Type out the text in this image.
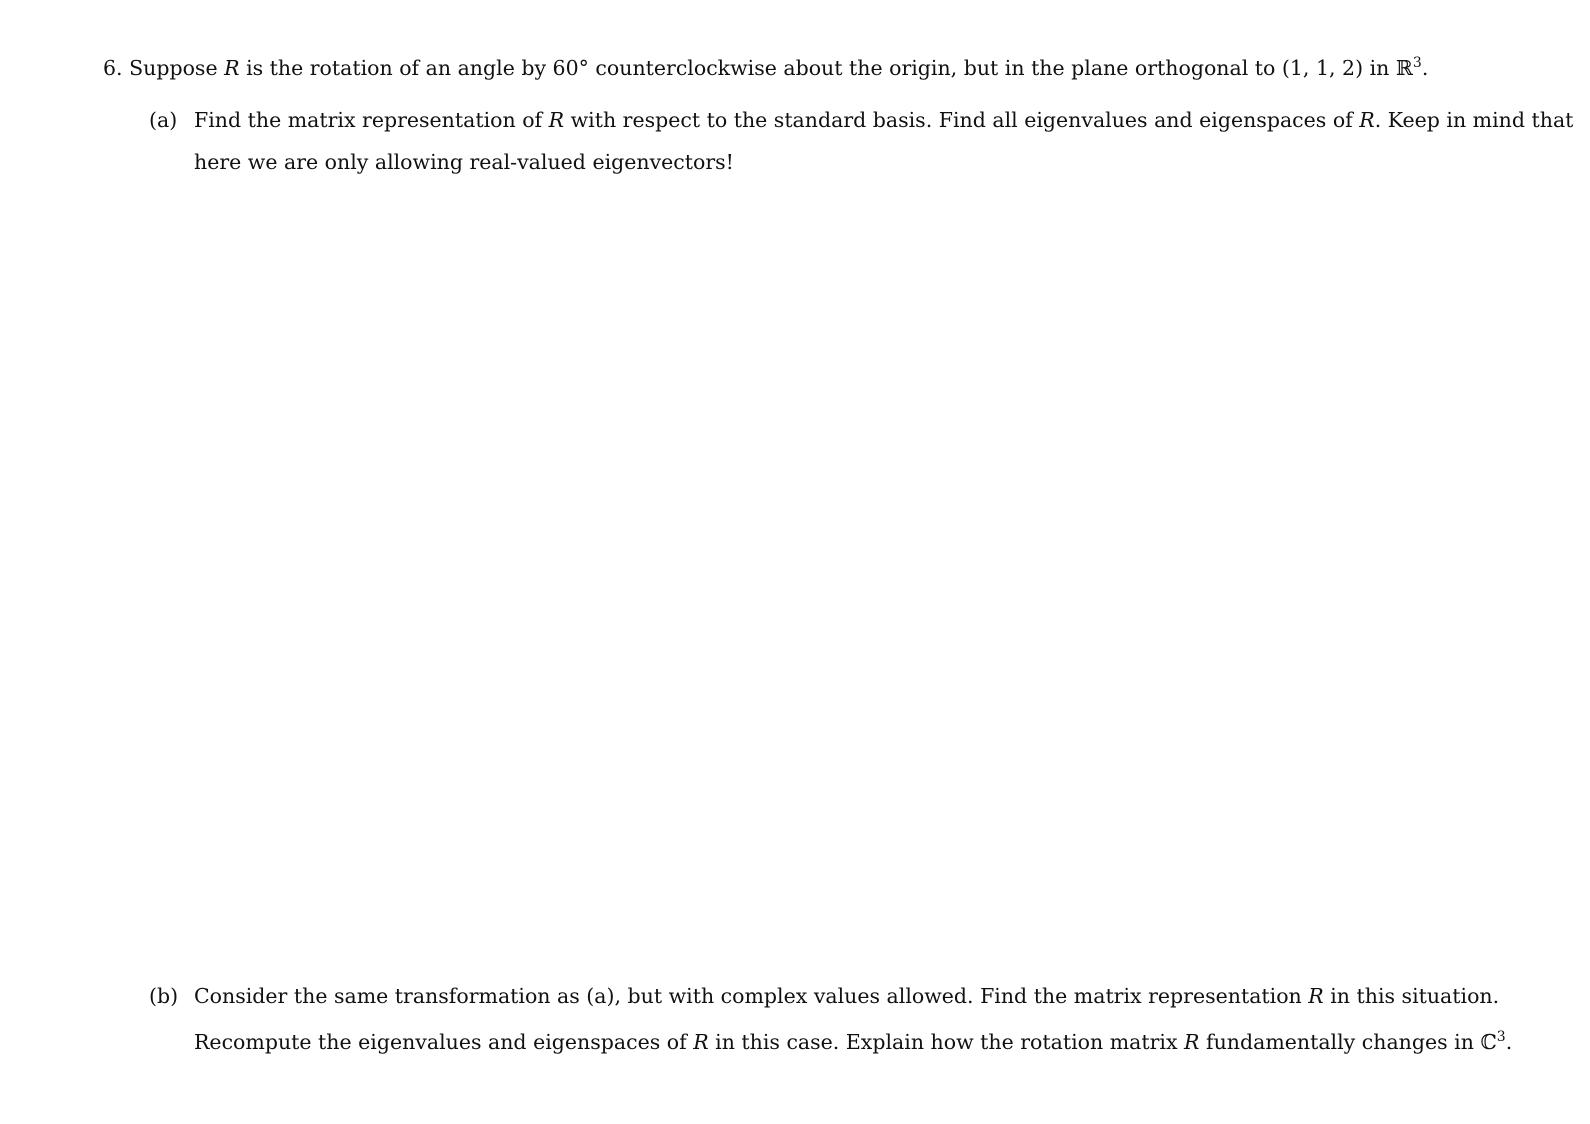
6. Suppose R is the rotation of an angle by 60° counterclockwise about the origin, but in the plane orthogonal to (1, 1, 2) in ℝ$^3$.
(a) Find the matrix representation of R with respect to the standard basis. Find all eigenvalues and eigenspaces of R. Keep in mind that
here we are only allowing real-valued eigenvectors!
(b) Consider the same transformation as (a), but with complex values allowed. Find the matrix representation R in this situation.
Recompute the eigenvalues and eigenspaces of R in this case. Explain how the rotation matrix R fundamentally changes in ℂ$^3$.
